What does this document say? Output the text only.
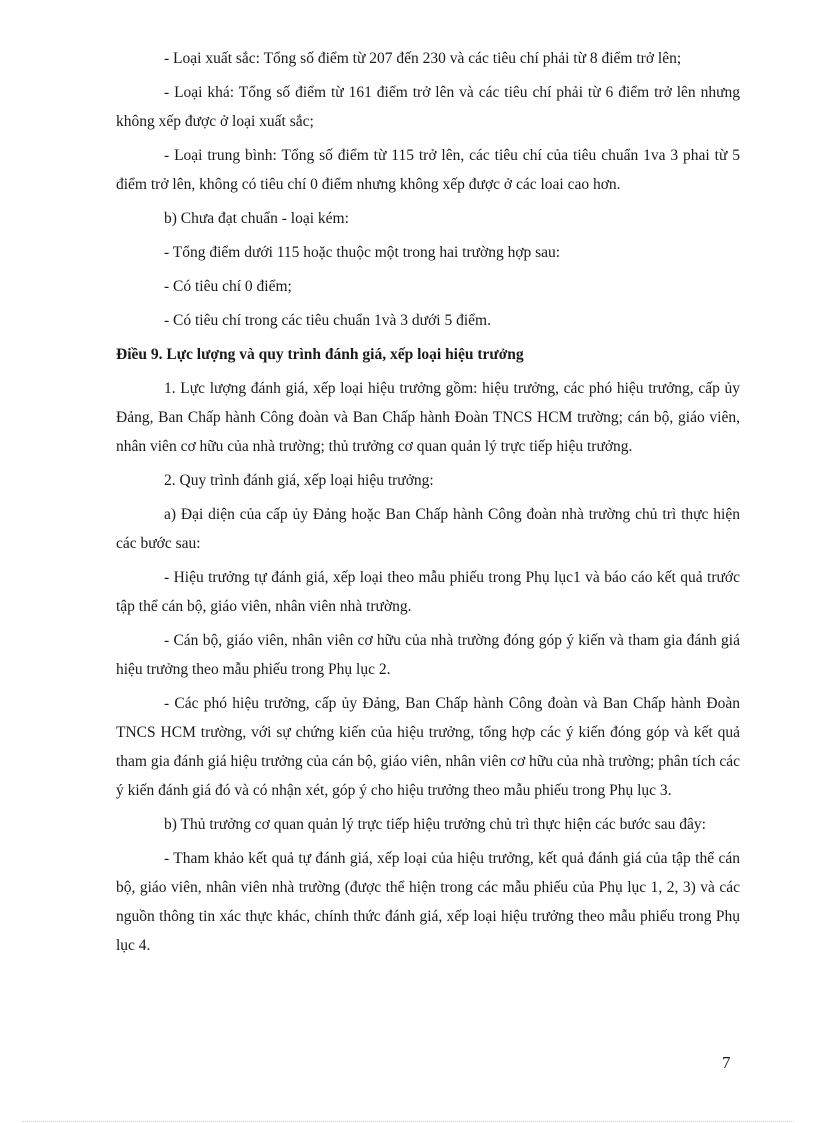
- Loại xuất sắc: Tổng số điểm từ 207 đến 230 và các tiêu chí phải từ 8 điểm trở lên;

- Loại khá: Tổng số điểm từ 161 điểm trở lên và các tiêu chí phải từ 6 điểm trở lên nhưng không xếp được ở loại xuất sắc;

- Loại trung bình: Tổng số điểm từ 115 trở lên, các tiêu chí của tiêu chuẩn 1va 3 phai từ 5 điểm trở lên, không có tiêu chí 0 điểm nhưng không xếp được ở các loai cao hơn.

b) Chưa đạt chuẩn - loại kém:

- Tổng điểm dưới 115 hoặc thuộc một trong hai trường hợp sau:

- Có tiêu chí 0 điểm;

- Có tiêu chí trong các tiêu chuẩn 1và 3 dưới 5 điểm.

Điều 9. Lực lượng và quy trình đánh giá, xếp loại hiệu trưởng

1. Lực lượng đánh giá, xếp loại hiệu trưởng gồm: hiệu trưởng, các phó hiệu trưởng, cấp ủy Đảng, Ban Chấp hành Công đoàn và Ban Chấp hành Đoàn TNCS HCM trường; cán bộ, giáo viên, nhân viên cơ hữu của nhà trường; thủ trưởng cơ quan quản lý trực tiếp hiệu trưởng.

2. Quy trình đánh giá, xếp loại hiệu trưởng:

a) Đại diện của cấp ủy Đảng hoặc Ban Chấp hành Công đoàn nhà trường chủ trì thực hiện các bước sau:

- Hiệu trưởng tự đánh giá, xếp loại theo mẫu phiếu trong Phụ lục1 và báo cáo kết quả trước tập thể cán bộ, giáo viên, nhân viên nhà trường.

- Cán bộ, giáo viên, nhân viên cơ hữu của nhà trường đóng góp ý kiến và tham gia đánh giá hiệu trưởng theo mẫu phiếu trong Phụ lục 2.

- Các phó hiệu trưởng, cấp ủy Đảng, Ban Chấp hành Công đoàn và Ban Chấp hành Đoàn TNCS HCM trường, với sự chứng kiến của hiệu trưởng, tổng hợp các ý kiến đóng góp và kết quả tham gia đánh giá hiệu trưởng của cán bộ, giáo viên, nhân viên cơ hữu của nhà trường; phân tích các ý kiến đánh giá đó và có nhận xét, góp ý cho hiệu trưởng theo mẫu phiếu trong Phụ lục 3.

b) Thủ trưởng cơ quan quản lý trực tiếp hiệu trưởng chủ trì thực hiện các bước sau đây:

- Tham khảo kết quả tự đánh giá, xếp loại của hiệu trưởng, kết quả đánh giá của tập thể cán bộ, giáo viên, nhân viên nhà trường (được thể hiện trong các mẫu phiếu của Phụ lục 1, 2, 3) và các nguồn thông tin xác thực khác, chính thức đánh giá, xếp loại hiệu trưởng theo mẫu phiếu trong Phụ lục 4.

7
